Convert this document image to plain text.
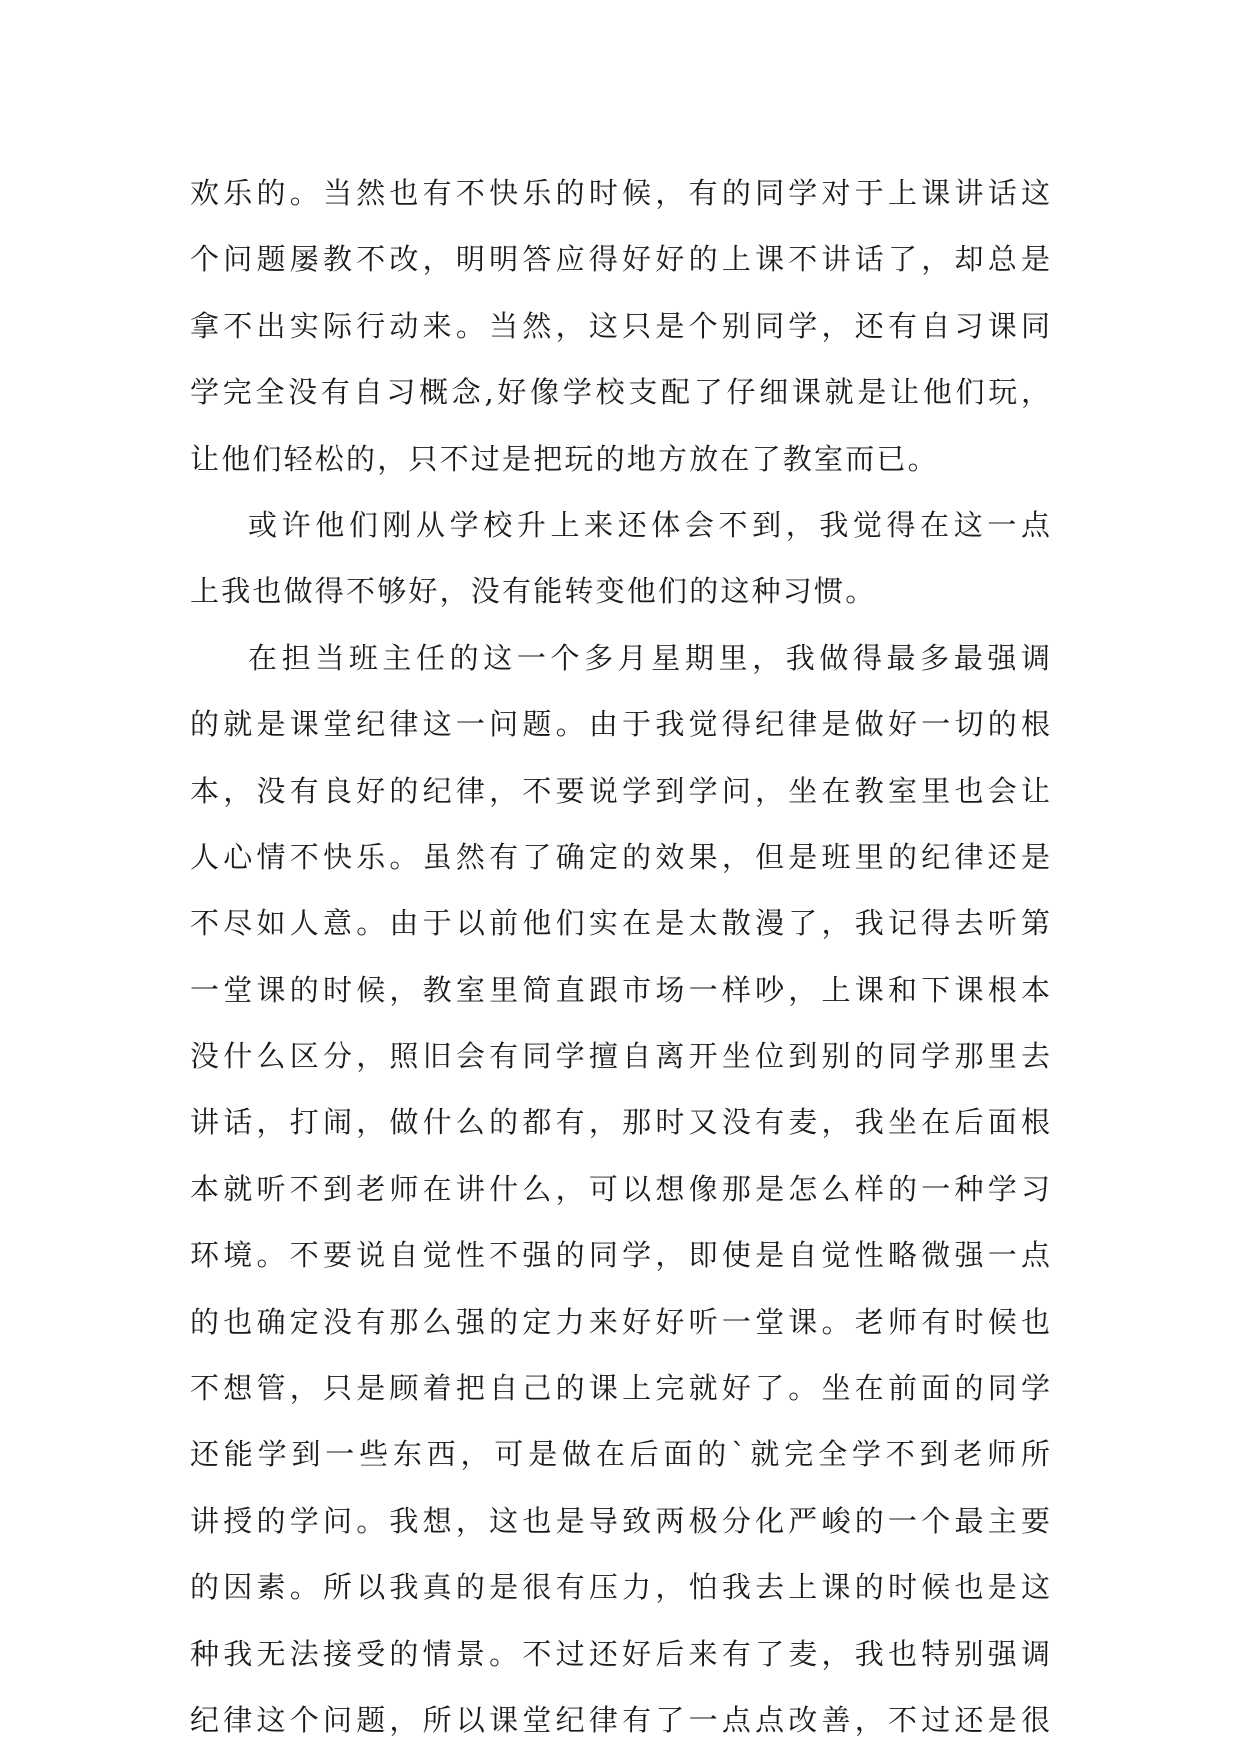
欢乐的。当然也有不快乐的时候，有的同学对于上课讲话这
个问题屡教不改，明明答应得好好的上课不讲话了，却总是
拿不出实际行动来。当然，这只是个别同学，还有自习课同
学完全没有自习概念,好像学校支配了仔细课就是让他们玩，
让他们轻松的，只不过是把玩的地方放在了教室而已。
或许他们刚从学校升上来还体会不到，我觉得在这一点
上我也做得不够好，没有能转变他们的这种习惯。
在担当班主任的这一个多月星期里，我做得最多最强调
的就是课堂纪律这一问题。由于我觉得纪律是做好一切的根
本，没有良好的纪律，不要说学到学问，坐在教室里也会让
人心情不快乐。虽然有了确定的效果，但是班里的纪律还是
不尽如人意。由于以前他们实在是太散漫了，我记得去听第
一堂课的时候，教室里简直跟市场一样吵，上课和下课根本
没什么区分，照旧会有同学擅自离开坐位到别的同学那里去
讲话，打闹，做什么的都有，那时又没有麦，我坐在后面根
本就听不到老师在讲什么，可以想像那是怎么样的一种学习
环境。不要说自觉性不强的同学，即使是自觉性略微强一点
的也确定没有那么强的定力来好好听一堂课。老师有时候也
不想管，只是顾着把自己的课上完就好了。坐在前面的同学
还能学到一些东西，可是做在后面的`就完全学不到老师所
讲授的学问。我想，这也是导致两极分化严峻的一个最主要
的因素。所以我真的是很有压力，怕我去上课的时候也是这
种我无法接受的情景。不过还好后来有了麦，我也特别强调
纪律这个问题，所以课堂纪律有了一点点改善，不过还是很
